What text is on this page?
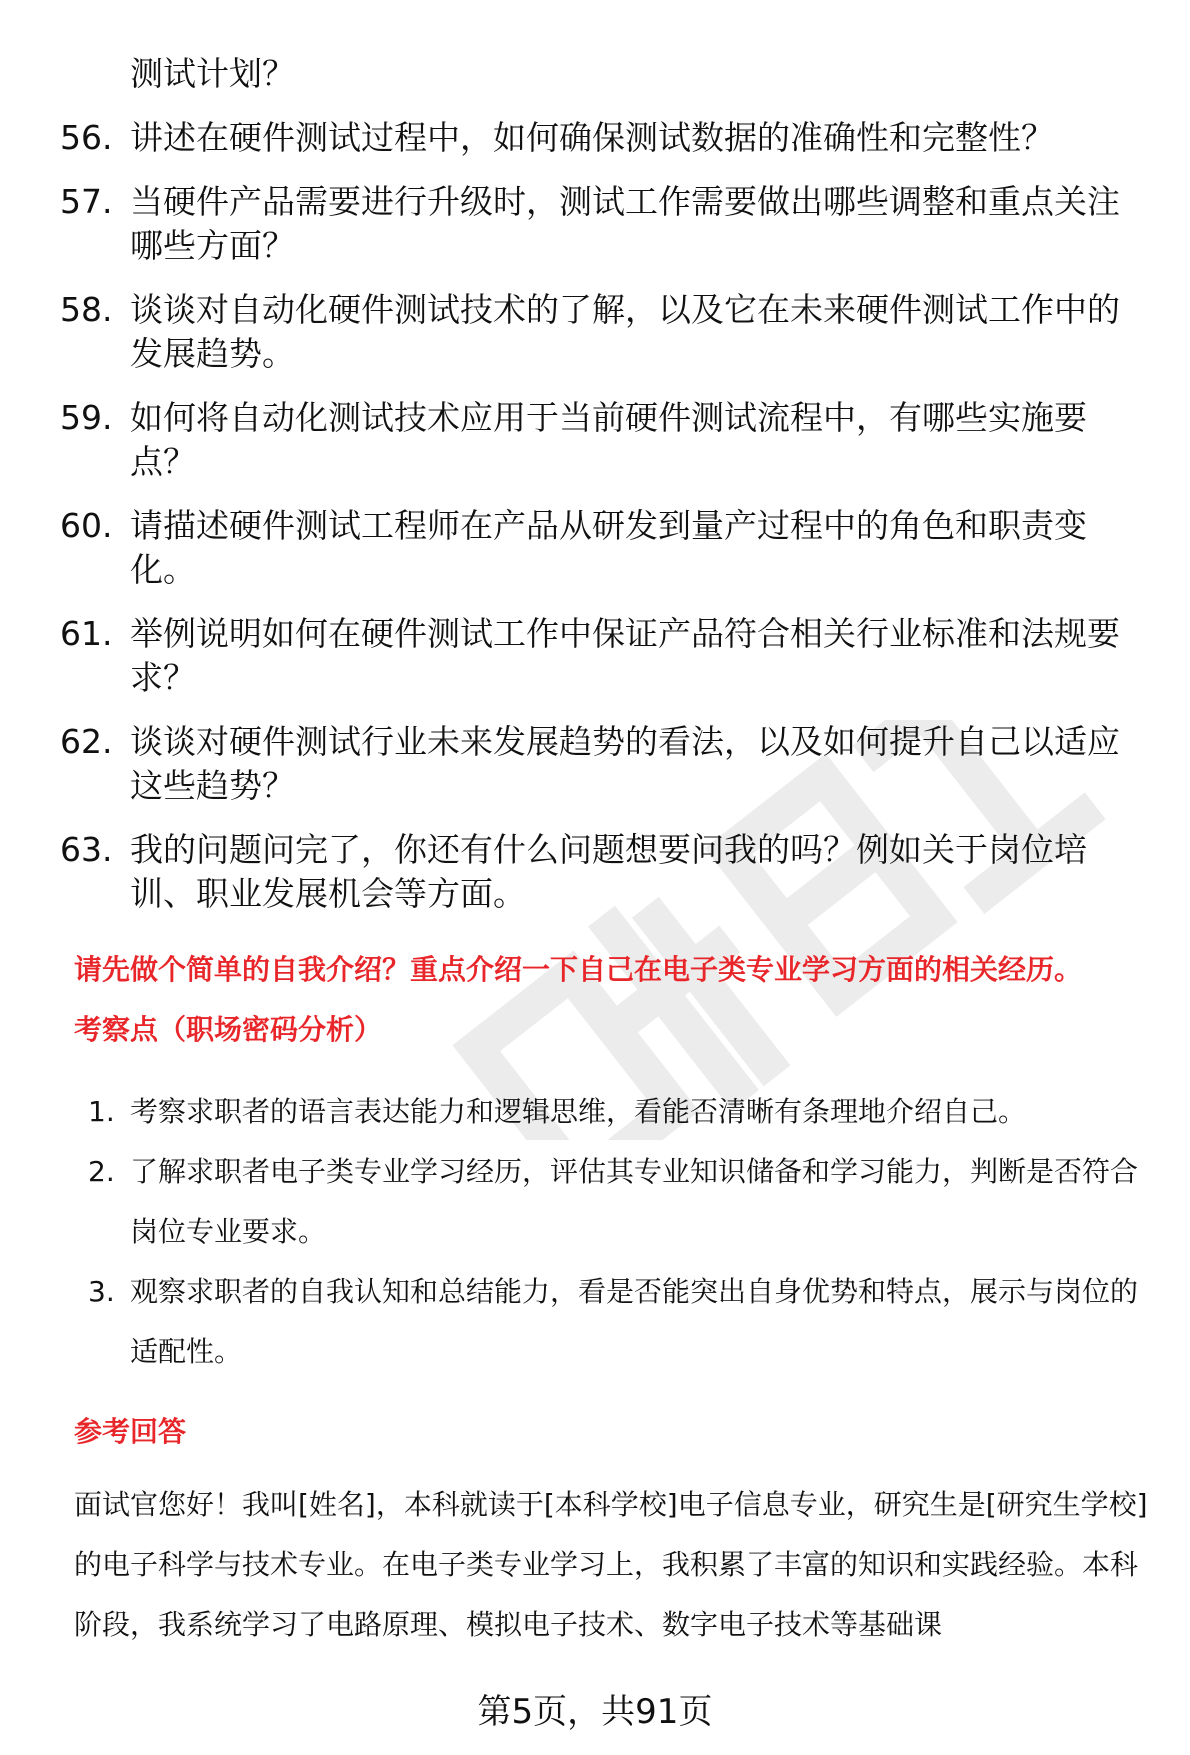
测试计划？
56. 讲述在硬件测试过程中，如何确保测试数据的准确性和完整性？
57. 当硬件产品需要进行升级时，测试工作需要做出哪些调整和重点关注哪些方面？
58. 谈谈对自动化硬件测试技术的了解，以及它在未来硬件测试工作中的发展趋势。
59. 如何将自动化测试技术应用于当前硬件测试流程中，有哪些实施要点？
60. 请描述硬件测试工程师在产品从研发到量产过程中的角色和职责变化。
61. 举例说明如何在硬件测试工作中保证产品符合相关行业标准和法规要求？
62. 谈谈对硬件测试行业未来发展趋势的看法，以及如何提升自己以适应这些趋势？
63. 我的问题问完了，你还有什么问题想要问我的吗？例如关于岗位培训、职业发展机会等方面。
请先做个简单的自我介绍？重点介绍一下自己在电子类专业学习方面的相关经历。
考察点（职场密码分析）
1. 考察求职者的语言表达能力和逻辑思维，看能否清晰有条理地介绍自己。
2. 了解求职者电子类专业学习经历，评估其专业知识储备和学习能力，判断是否符合岗位专业要求。
3. 观察求职者的自我认知和总结能力，看是否能突出自身优势和特点，展示与岗位的适配性。
参考回答
面试官您好！我叫[姓名]，本科就读于[本科学校]电子信息专业，研究生是[研究生学校]的电子科学与技术专业。在电子类专业学习上，我积累了丰富的知识和实践经验。本科阶段，我系统学习了电路原理、模拟电子技术、数字电子技术等基础课
第5页，共91页
